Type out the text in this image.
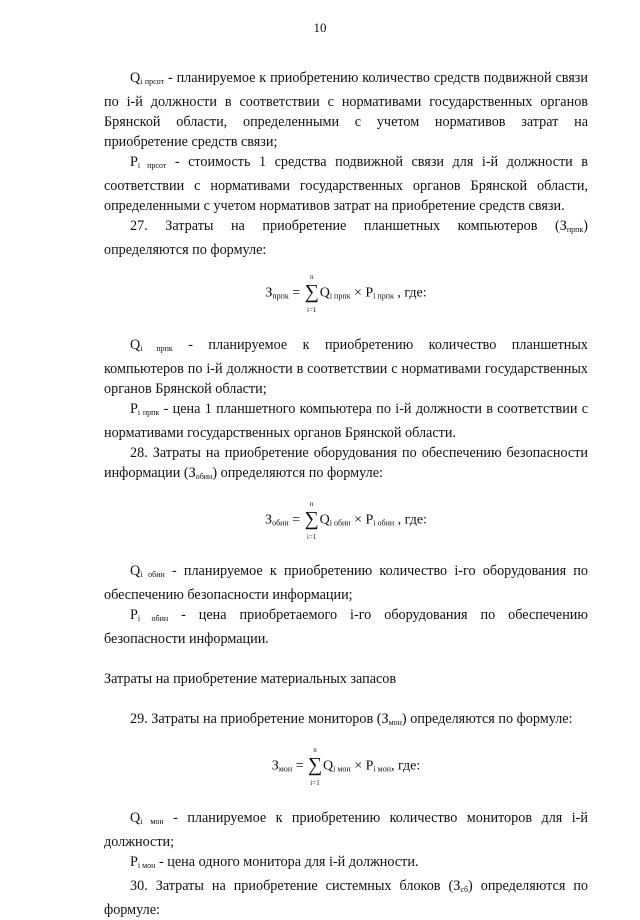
10

$Q_{i прсот}$ - планируемое к приобретению количество средств подвижной связи по i-й должности в соответствии с нормативами государственных органов Брянской области, определенными с учетом нормативов затрат на приобретение средств связи;

$P_{i прсот}$ - стоимость 1 средства подвижной связи для i-й должности в соответствии с нормативами государственных органов Брянской области, определенными с учетом нормативов затрат на приобретение средств связи.

27. Затраты на приобретение планшетных компьютеров $(З_{прпк})$ определяются по формуле:

$З_{прпк}$ =
n
∑
i=1
$Q_{i прпк} \times P_{i прпк}$ , где:

$Q_{i прпк}$ - планируемое к приобретению количество планшетных компьютеров по i-й должности в соответствии с нормативами государственных органов Брянской области;

$P_{i прпк}$ - цена 1 планшетного компьютера по i-й должности в соответствии с нормативами государственных органов Брянской области.

28. Затраты на приобретение оборудования по обеспечению безопасности информации $(З_{обин})$ определяются по формуле:

$З_{обин}$ =
n
∑
i=1
$Q_{i обин} \times P_{i обин}$ , где:

$Q_{i обин}$ - планируемое к приобретению количество i-го оборудования по обеспечению безопасности информации;

$P_{i обин}$ - цена приобретаемого i-го оборудования по обеспечению безопасности информации.

Затраты на приобретение материальных запасов

29. Затраты на приобретение мониторов $(З_{мон})$ определяются по формуле:

$З_{мон}$ =
n
∑
i=1
$Q_{i мон} \times P_{i мон}$, где:

$Q_{i мон}$ - планируемое к приобретению количество мониторов для i-й должности;

$P_{i мон}$ - цена одного монитора для i-й должности.

30. Затраты на приобретение системных блоков $(З_{сб})$ определяются по формуле:
